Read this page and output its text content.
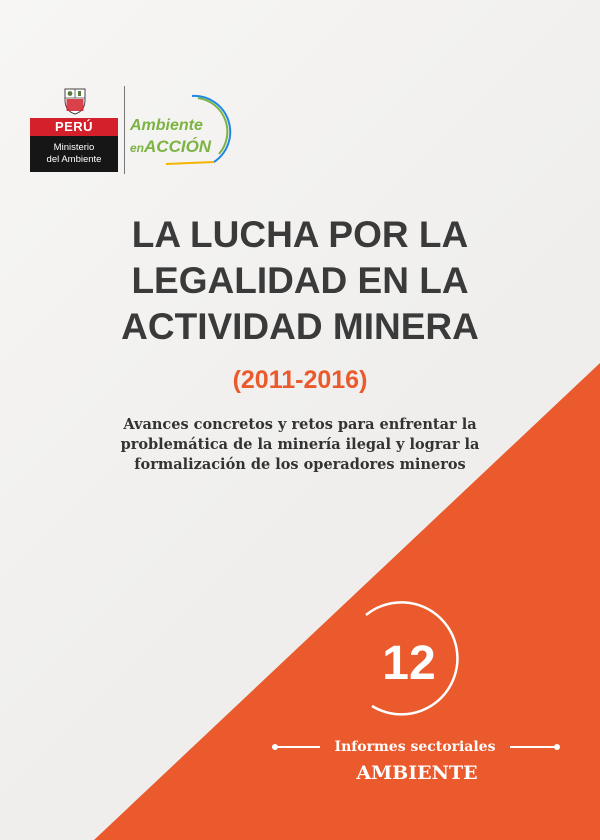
PERÚ
Ministerio
del Ambiente
Ambiente
enACCIÓN
LA LUCHA POR LA
LEGALIDAD EN LA
ACTIVIDAD MINERA
(2011-2016)
Avances concretos y retos para enfrentar la
problemática de la minería ilegal y lograr la
formalización de los operadores mineros
12
Informes sectoriales
AMBIENTE
